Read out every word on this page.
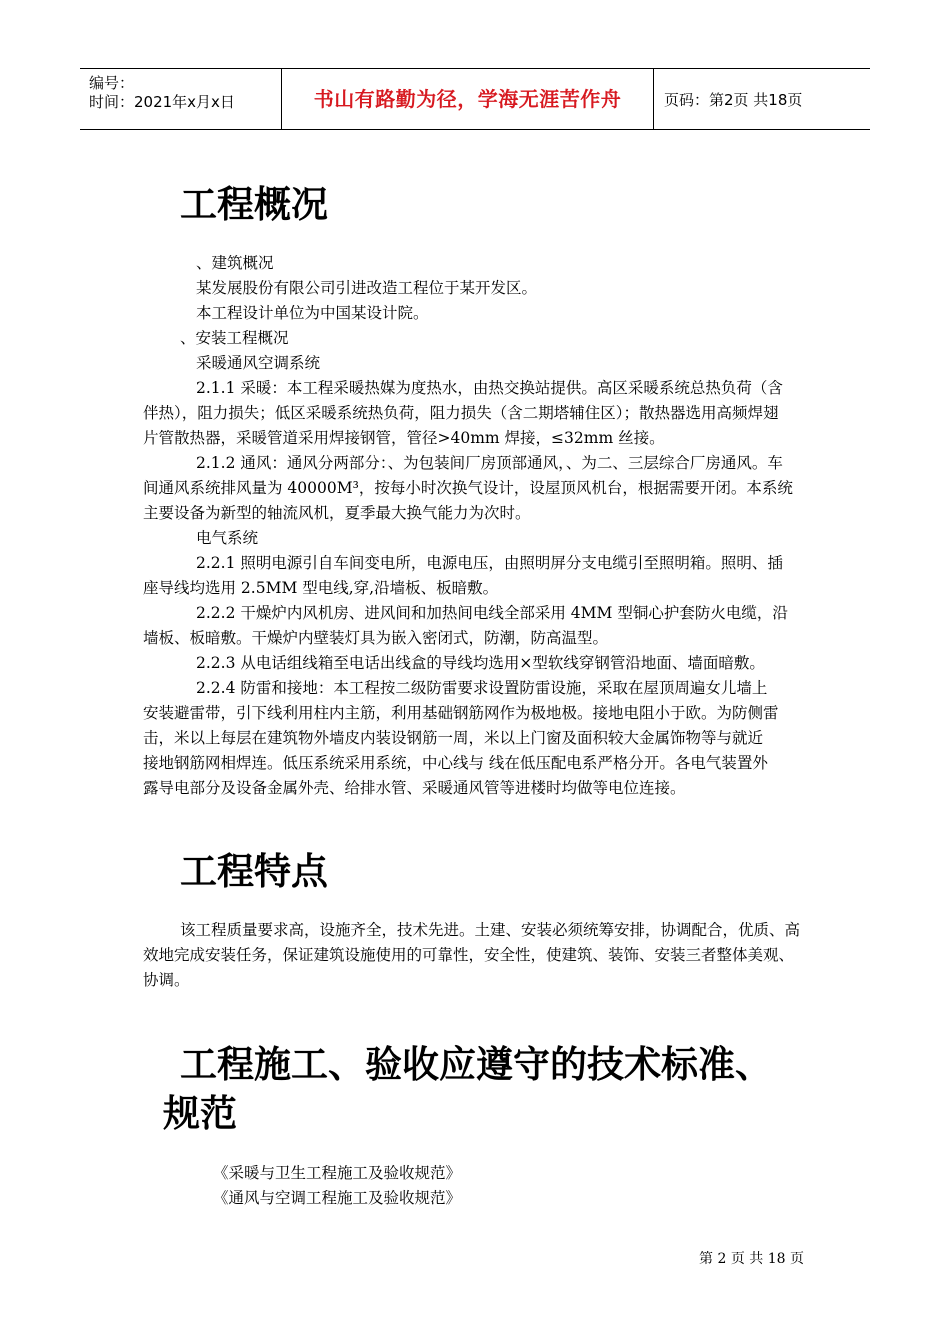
编号：
时间：2021年x月x日	书山有路勤为径，学海无涯苦作舟	页码：第2页 共18页
工程概况
、建筑概况
某发展股份有限公司引进改造工程位于某开发区。
本工程设计单位为中国某设计院。
、安装工程概况
采暖通风空调系统
2.1.1 采暖：本工程采暖热媒为度热水，由热交换站提供。高区采暖系统总热负荷（含
伴热），阻力损失；低区采暖系统热负荷，阻力损失（含二期塔辅住区）；散热器选用高频焊翅
片管散热器，采暖管道采用焊接钢管，管径>40mm 焊接，≤32mm 丝接。
2.1.2 通风：通风分两部分：、为包装间厂房顶部通风，、为二、三层综合厂房通风。车
间通风系统排风量为 40000M³，按每小时次换气设计，设屋顶风机台，根据需要开闭。本系统
主要设备为新型的轴流风机，夏季最大换气能力为次时。
电气系统
2.2.1 照明电源引自车间变电所，电源电压，由照明屏分支电缆引至照明箱。照明、插
座导线均选用 2.5MM 型电线,穿,沿墙板、板暗敷。
2.2.2 干燥炉内风机房、进风间和加热间电线全部采用 4MM 型铜心护套防火电缆，沿
墙板、板暗敷。干燥炉内壁装灯具为嵌入密闭式，防潮，防高温型。
2.2.3 从电话组线箱至电话出线盒的导线均选用×型软线穿钢管沿地面、墙面暗敷。
2.2.4 防雷和接地：本工程按二级防雷要求设置防雷设施，采取在屋顶周遍女儿墙上
安装避雷带，引下线利用柱内主筋，利用基础钢筋网作为极地极。接地电阻小于欧。为防侧雷
击，米以上每层在建筑物外墙皮内装设钢筋一周，米以上门窗及面积较大金属饰物等与就近
接地钢筋网相焊连。低压系统采用系统，中心线与 线在低压配电系严格分开。各电气装置外
露导电部分及设备金属外壳、给排水管、采暖通风管等进楼时均做等电位连接。
工程特点
该工程质量要求高，设施齐全，技术先进。土建、安装必须统筹安排，协调配合，优质、高
效地完成安装任务，保证建筑设施使用的可靠性，安全性，使建筑、装饰、安装三者整体美观、
协调。
工程施工、验收应遵守的技术标准、
规范
《采暖与卫生工程施工及验收规范》
《通风与空调工程施工及验收规范》
第 2 页 共 18 页
